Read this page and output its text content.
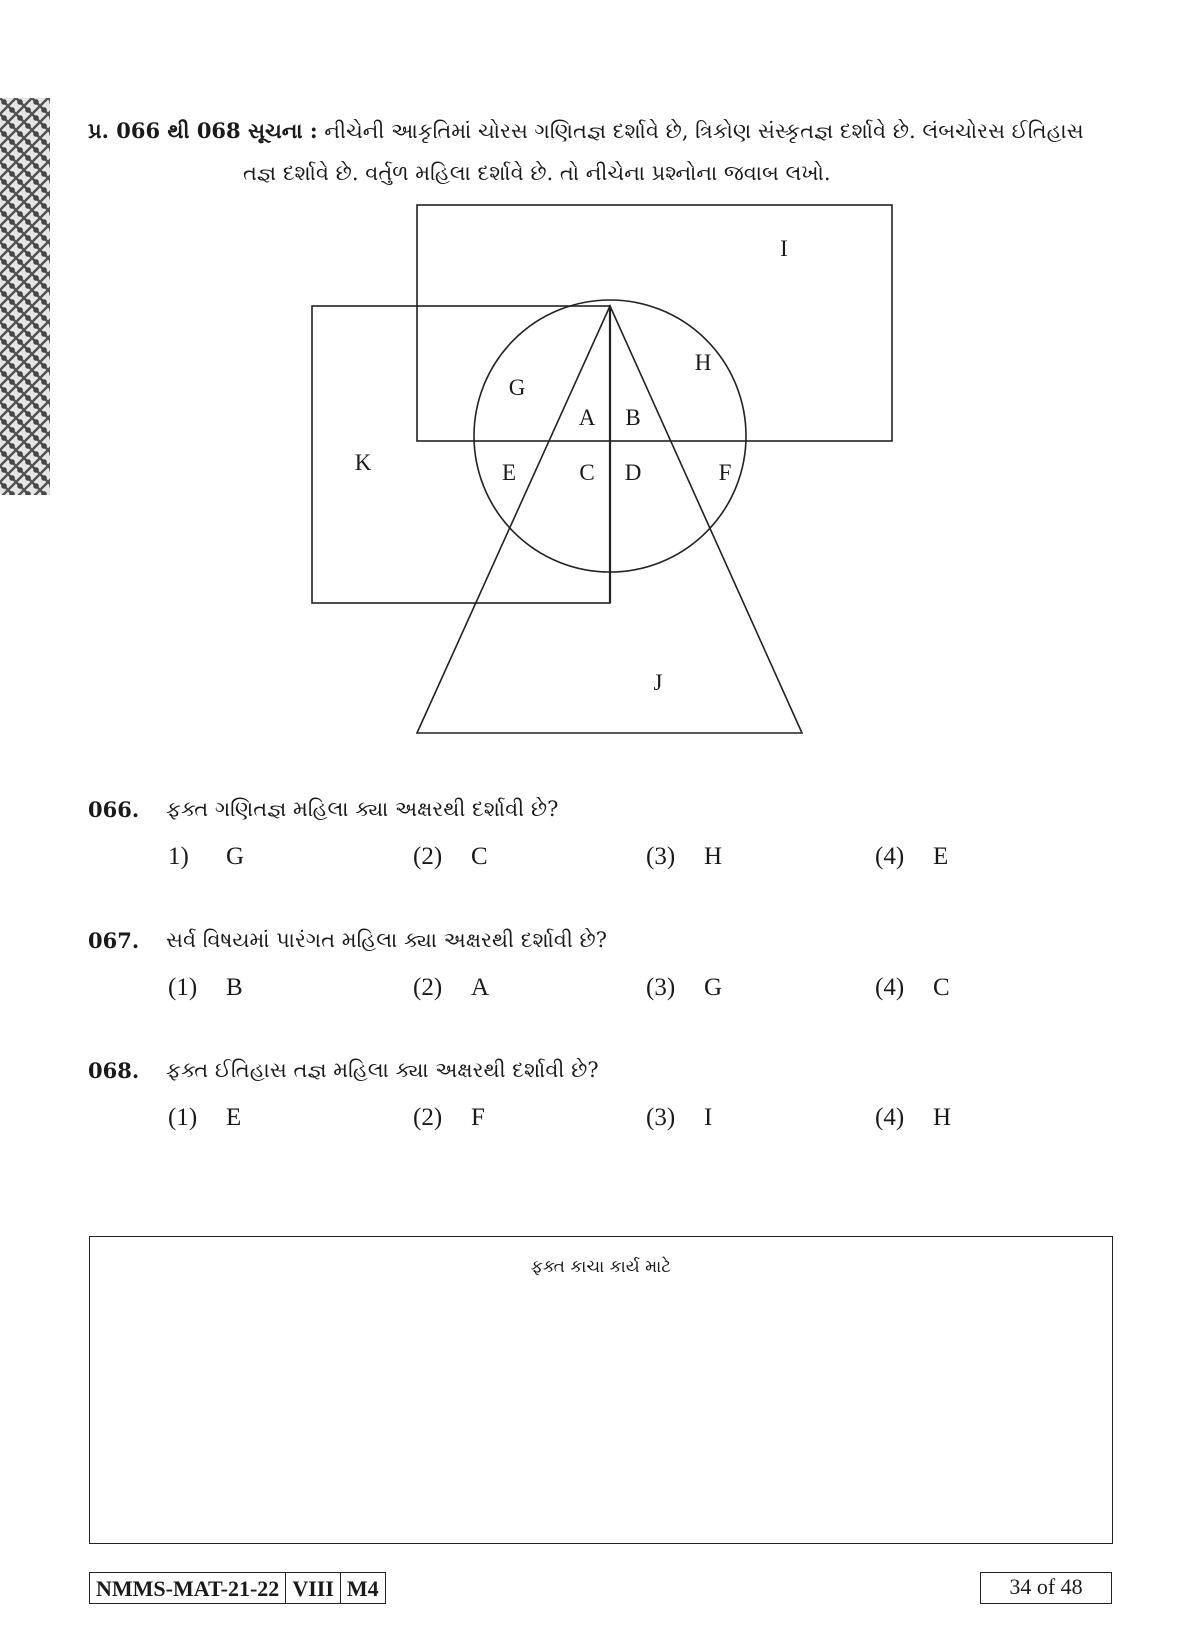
પ્ર. 066 થી 068 સૂચના : નીચેની આકૃતિમાં ચોરસ ગણિતજ્ઞ દર્શાવે છે, ત્રિકોણ સંસ્કૃતજ્ઞ દર્શાવે છે. લંબચોરસ ઈતિહાસ
તજ્ઞ દર્શાવે છે. વર્તુળ મહિલા દર્શાવે છે. તો નીચેના પ્રશ્નોના જવાબ લખો.
I
H
G
A B
K	E	C D	F
J
066. ફક્ત ગણિતજ્ઞ મહિલા ક્યા અક્ષરથી દર્શાવી છે?
1) G	(2) C	(3) H	(4) E
067. સર્વ વિષયમાં પારંગત મહિલા ક્યા અક્ષરથી દર્શાવી છે?
(1) B	(2) A	(3) G	(4) C
068. ફક્ત ઈતિહાસ તજ્ઞ મહિલા ક્યા અક્ષરથી દર્શાવી છે?
(1) E	(2) F	(3) I	(4) H
ફક્ત કાચા કાર્ય માટે
NMMS-MAT-21-22 VIII M4	34 of 48
